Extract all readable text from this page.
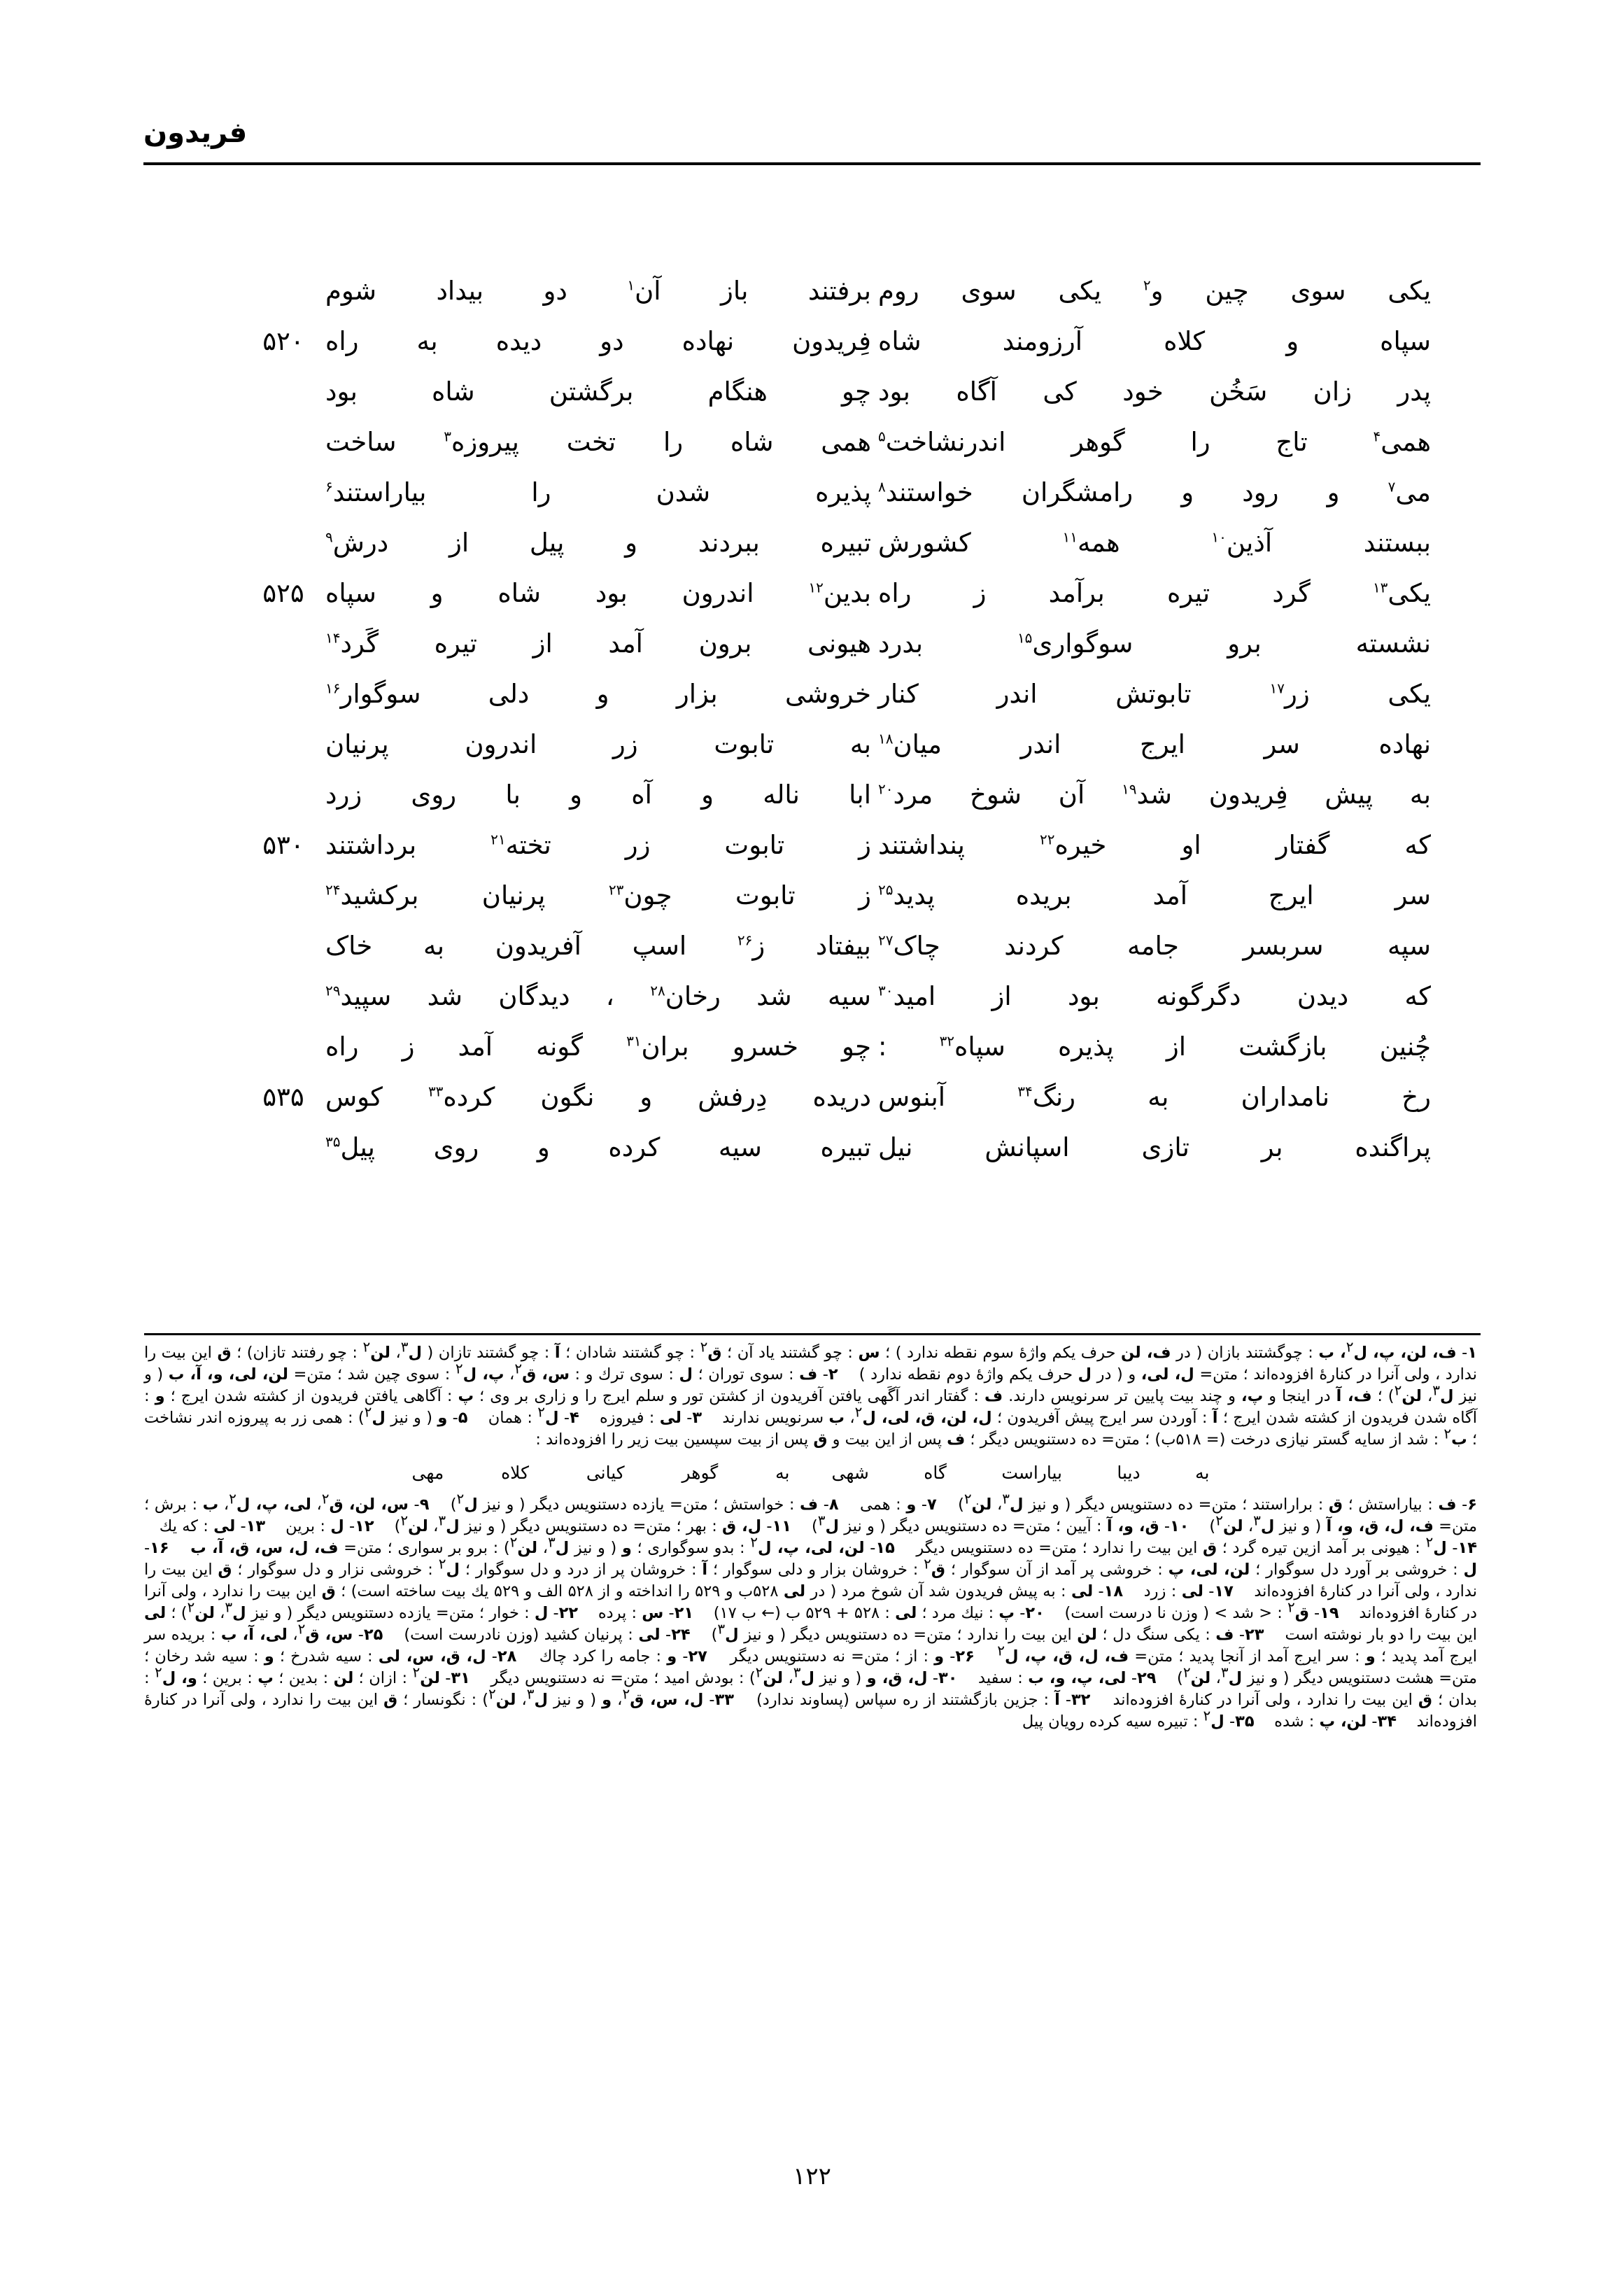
فریدون
یکی سوی چین و$^۲$ یکی سوی روم
برفتند باز آن$^۱$ دو بیداد شوم
سپاه و کلاه آرزومند شاه
فِریدون نهاده دو دیده به راه
۵۲۰
پدر زان سَخُن خود کی آگاه بود
چو هنگام برگشتن شاه بود
همی$^۴$ تاج را گوهر اندرنشاخت$^۵$
همی شاه را تخت پیروزه$^۳$ ساخت
می$^۷$ و رود و رامشگران خواستند$^۸$
پذیره شدن را بیاراستند$^۶$
ببستند آذین$^{۱۰}$ همه$^{۱۱}$ کشورش
تبیره ببردند و پیل از درش$^۹$
یکی$^{۱۳}$ گرد تیره برآمد ز راه
بدین$^{۱۲}$ اندرون بود شاه و سپاه
۵۲۵
نشسته برو سوگواری$^{۱۵}$ بدرد
هیونی برون آمد از تیره گَرد$^{۱۴}$
یکی زر$^{۱۷}$ تابوتش اندر کنار
خروشی بزار و دلی سوگوار$^{۱۶}$
نهاده سر ایرج اندر میان$^{۱۸}$
به تابوت زر اندرون پرنیان
به پیش فِریدون شد$^{۱۹}$ آن شوخ مرد$^{۲۰}$
ابا ناله و آه و با روی زرد
که گفتار او خیره$^{۲۲}$ پنداشتند
ز تابوت زر تخته$^{۲۱}$ برداشتند
۵۳۰
سر ایرج آمد بریده پدید$^{۲۵}$
ز تابوت چون$^{۲۳}$ پرنیان برکشید$^{۲۴}$
سپه سربسر جامه کردند چاک$^{۲۷}$
بیفتاد ز$^{۲۶}$ اسپ آفریدون به خاک
که دیدن دگرگونه بود از امید$^{۳۰}$
سیه شد رخان$^{۲۸}$ ، دیدگان شد سپید$^{۲۹}$
چُنین بازگشت از پذیره سپاه$^{۳۲}$ :
چو خسرو بران$^{۳۱}$ گونه آمد ز راه
رخ نامداران به رنگ$^{۳۴}$ آبنوس
دریده دِرفش و نگون کرده$^{۳۳}$ کوس
۵۳۵
پراگنده بر تازی اسپانش نیل
تبیره سیه کرده و روی پیل$^{۳۵}$

۱- ف، لن، پ، ل$^۲$، ب : چوگشتند بازان ( در ف، لن حرف یکم واژهٔ سوم نقطه ندارد ) ؛ س : چو گشتند یاد آن ؛ ق$^۲$ : چو گشتند شادان ؛ آ : چو گشتند تازان ( ل$^۳$، لن$^۲$ : چو رفتند تازان) ؛ ق این بیت را ندارد ، ولی آنرا در کنارهٔ افزوده‌اند ؛ متن= ل، لی، و ( در ل حرف یکم واژهٔ دوم نقطه ندارد )    ۲- ف : سوی توران ؛ ل : سوی ترك و : س، ق$^۲$، پ، ل$^۲$ : سوی چین شد ؛ متن= لن، لی، و، آ، ب ( و نیز ل$^۳$، لن$^۲$) ؛ ف، آ در اینجا و پ، و چند بیت پایین تر سرنویس دارند. ف : گفتار اندر آگَهی یافتن آفریدون از کشتن تور و سلم ایرج را و زاری بر وی ؛ پ : آگاهی یافتن فریدون از کشته شدن ایرج ؛ و : آگاه شدن فریدون از کشته شدن ایرج ؛ آ : آوردن سر ایرج پیش آفریدون ؛ ل، لن، ق، لی، ل$^۲$، ب سرنویس ندارند    ۳- لی : فیروزه    ۴- ل$^۲$ : همان    ۵- و ( و نیز ل$^۲$) : همی زر به پیروزه اندر نشاخت ؛ ب$^۲$ : شد از سایه گستر نیازی درخت (= ۵۱۸ب) ؛ متن= ده دستنویس دیگر ؛ ف پس از این بیت و ق پس از بیت سپسین بیت زیر را افزوده‌اند :

به دیبا بیاراست گاه شهی
به گوهر کیانی کلاه مهی

۶- ف : بیاراستش ؛ ق : براراستند ؛ متن= ده دستنویس دیگر ( و نیز ل$^۳$، لن$^۲$)    ۷- و : همی    ۸- ف : خواستش ؛ متن= یازده دستنویس دیگر ( و نیز ل$^۲$)    ۹- س، لن، ق$^۲$، لی، پ، ل$^۲$، ب : برش ؛ متن= ف، ل، ق، و، آ ( و نیز ل$^۳$، لن$^۲$)    ۱۰- ق، و، آ : آیین ؛ متن= ده دستنویس دیگر ( و نیز ل$^۳$)    ۱۱- ل، ق : بهر ؛ متن= ده دستنویس دیگر ( و نیز ل$^۳$، لن$^۲$)    ۱۲- ل : برین    ۱۳- لی : که یك    ۱۴- ل$^۲$ : هیونی بر آمد ازین تیره گرد ؛ ق این بیت را ندارد ؛ متن= ده دستنویس دیگر    ۱۵- لن، لی، پ، ل$^۲$ : بدو سوگواری ؛ و ( و نیز ل$^۳$، لن$^۲$) : برو بر سواری ؛ متن= ف، ل، س، ق، آ، ب    ۱۶- ل : خروشی بر آورد دل سوگوار ؛ لن، لی، پ : خروشی پر آمد از آن سوگوار ؛ ق$^۲$ : خروشان بزار و دلی سوگوار ؛ آ : خروشان پر از درد و دل سوگوار ؛ ل$^۲$ : خروشی نزار و دل سوگوار ؛ ق این بیت را ندارد ، ولی آنرا در کنارهٔ افزوده‌اند    ۱۷- لی : زرد    ۱۸- لی : به پیش فریدون شد آن شوخ مرد ( در لی ۵۲۸ب و ۵۲۹ را انداخته و از ۵۲۸ الف و ۵۲۹ یك بیت ساخته است) ؛ ق این بیت را ندارد ، ولی آنرا در کنارهٔ افزوده‌اند    ۱۹- ق$^۲$ : < شد > ( وزن نا درست است)    ۲۰- پ : نیك مرد ؛ لی : ۵۲۸ + ۵۲۹ ب (← ب ۱۷)    ۲۱- س : پرده    ۲۲- ل : خوار ؛ متن= یازده دستنویس دیگر ( و نیز ل$^۳$، لن$^۲$) ؛ لی این بیت را دو بار نوشته است    ۲۳- ف : یکی سنگ دل ؛ لن این بیت را ندارد ؛ متن= ده دستنویس دیگر ( و نیز ل$^۳$)    ۲۴- لی : پرنیان کشید (وزن نادرست است)    ۲۵- س، ق$^۲$، لی، آ، ب : بریده سر ایرج آمد پدید ؛ و : سر ایرج آمد از آنجا پدید ؛ متن= ف، ل، ق، پ، ل$^۲$    ۲۶- و : از ؛ متن= نه دستنویس دیگر    ۲۷- و : جامه را کرد چاك    ۲۸- ل، ق، س، لی : سیه شدرخ ؛ و : سیه شد رخان ؛ متن= هشت دستنویس دیگر ( و نیز ل$^۳$، لن$^۲$)    ۲۹- لی، پ، و، ب : سفید    ۳۰- ل، ق، و ( و نیز ل$^۳$، لن$^۲$) : بودش امید ؛ متن= نه دستنویس دیگر    ۳۱- لن$^۲$ : ازان ؛ لن : بدین ؛ پ : برین ؛ و، ل$^۲$ : بدان ؛ ق این بیت را ندارد ، ولی آنرا در کنارهٔ افزوده‌اند    ۳۲- آ : جزین بازگشتند از ره سپاس (پساوند ندارد)    ۳۳- ل، س، ق$^۲$، و ( و نیز ل$^۳$، لن$^۲$) : نگونسار ؛ ق این بیت را ندارد ، ولی آنرا در کنارهٔ افزوده‌اند    ۳۴- لن، پ : شده    ۳۵- ل$^۲$ : تبیره سیه کرده رویان پیل

۱۲۲
